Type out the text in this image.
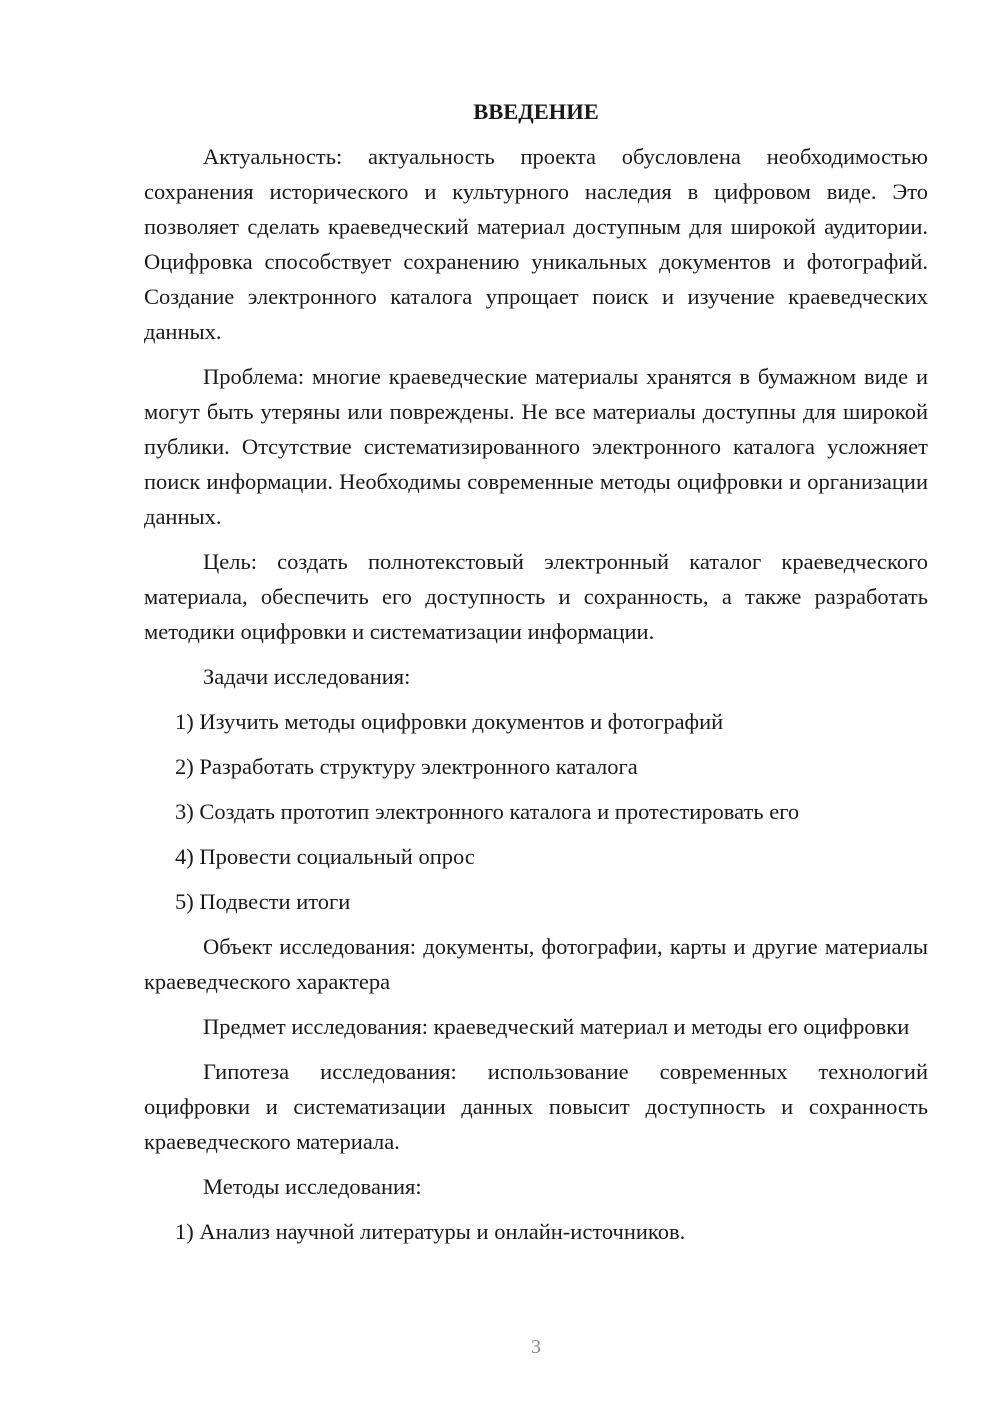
ВВЕДЕНИЕ

Актуальность: актуальность проекта обусловлена необходимостью сохранения исторического и культурного наследия в цифровом виде. Это позволяет сделать краеведческий материал доступным для широкой аудитории. Оцифровка способствует сохранению уникальных документов и фотографий. Создание электронного каталога упрощает поиск и изучение краеведческих данных.

Проблема: многие краеведческие материалы хранятся в бумажном виде и могут быть утеряны или повреждены. Не все материалы доступны для широкой публики. Отсутствие систематизированного электронного каталога усложняет поиск информации. Необходимы современные методы оцифровки и организации данных.

Цель: создать полнотекстовый электронный каталог краеведческого материала, обеспечить его доступность и сохранность, а также разработать методики оцифровки и систематизации информации.

Задачи исследования:

1) Изучить методы оцифровки документов и фотографий

2) Разработать структуру электронного каталога

3) Создать прототип электронного каталога и протестировать его

4) Провести социальный опрос

5) Подвести итоги

Объект исследования: документы, фотографии, карты и другие материалы краеведческого характера

Предмет исследования: краеведческий материал и методы его оцифровки

Гипотеза исследования: использование современных технологий оцифровки и систематизации данных повысит доступность и сохранность краеведческого материала.

Методы исследования:

1) Анализ научной литературы и онлайн-источников.

3
